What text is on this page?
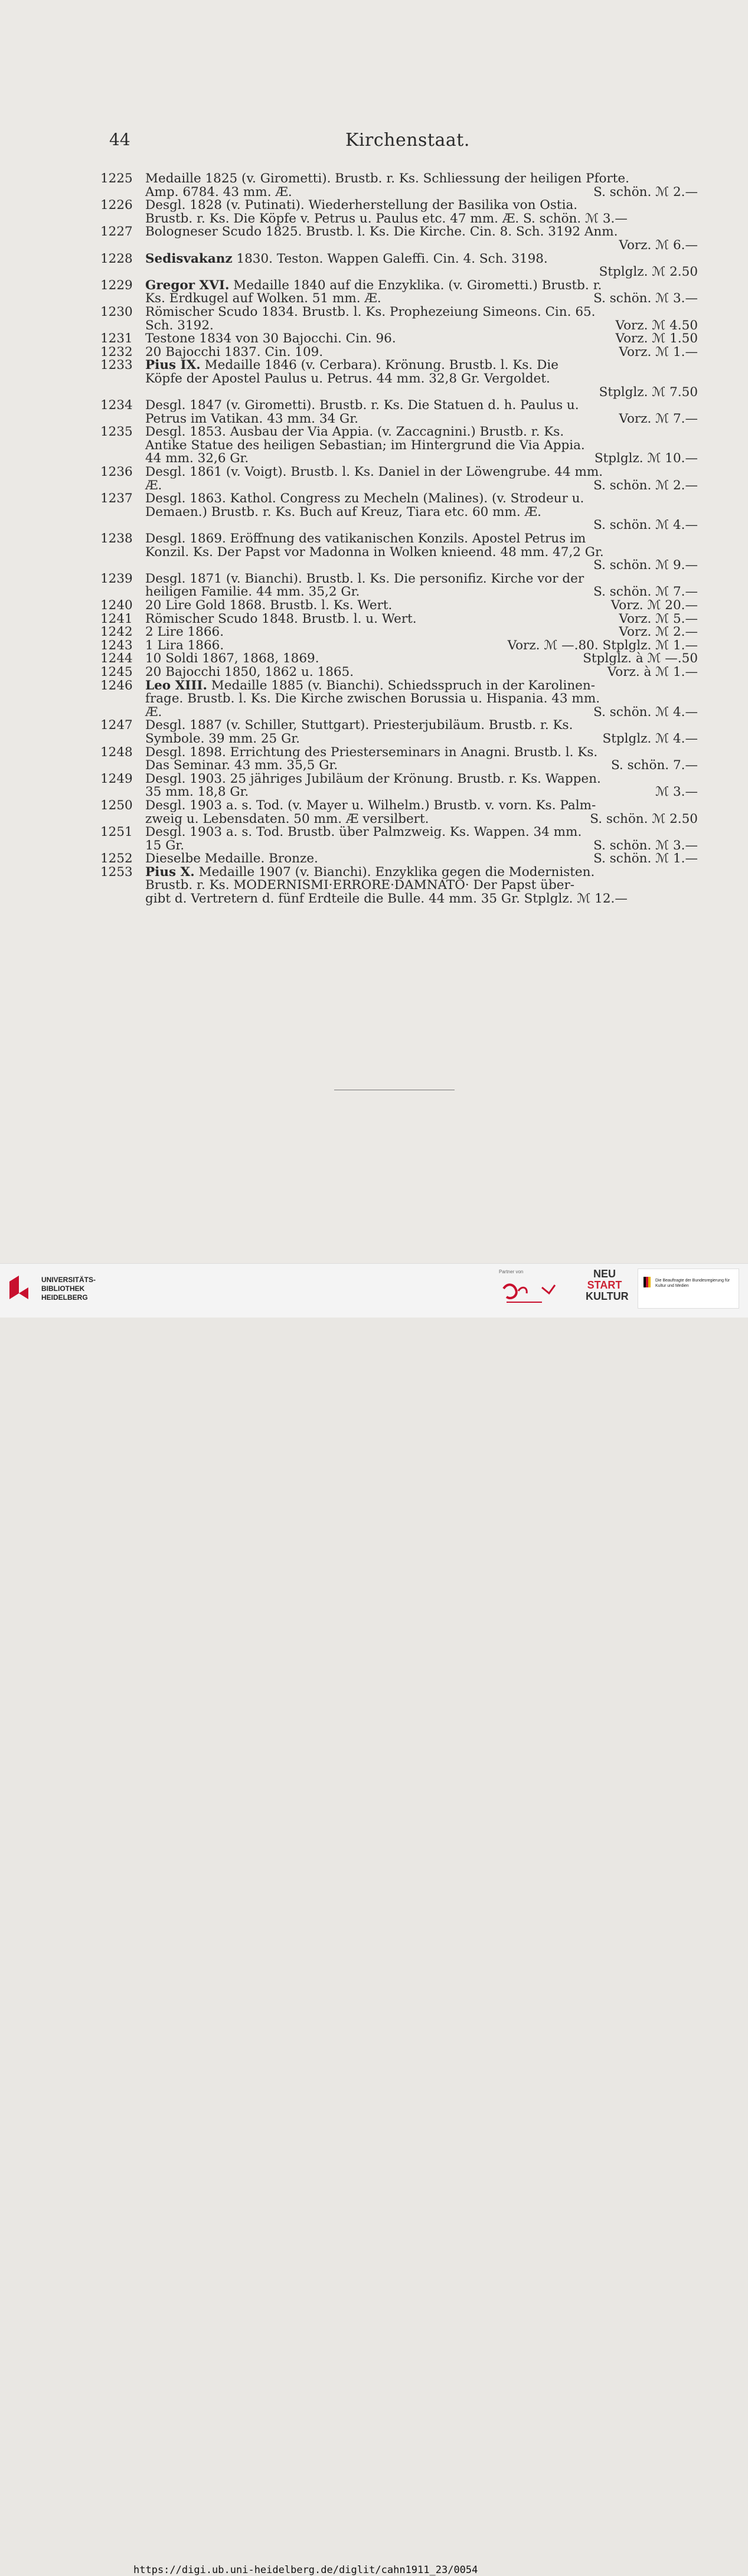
44	Kirchenstaat.
1225 Medaille 1825 (v. Girometti). Brustb. r. Ks. Schliessung der heiligen Pforte.
Amp. 6784. 43 mm. Æ.	S. schön. ℳ 2.—
1226 Desgl. 1828 (v. Putinati). Wiederherstellung der Basilika von Ostia.
Brustb. r. Ks. Die Köpfe v. Petrus u. Paulus etc. 47 mm. Æ. S. schön. ℳ 3.—
1227 Bologneser Scudo 1825. Brustb. l. Ks. Die Kirche. Cin. 8. Sch. 3192 Anm.
Vorz. ℳ 6.—
1228 Sedisvakanz 1830. Teston. Wappen Galeffi. Cin. 4. Sch. 3198.
Stplglz. ℳ 2.50
1229 Gregor XVI. Medaille 1840 auf die Enzyklika. (v. Girometti.) Brustb. r.
Ks. Erdkugel auf Wolken. 51 mm. Æ.	S. schön. ℳ 3.—
1230 Römischer Scudo 1834. Brustb. l. Ks. Prophezeiung Simeons. Cin. 65.
Sch. 3192.	Vorz. ℳ 4.50
1231 Testone 1834 von 30 Bajocchi. Cin. 96.	Vorz. ℳ 1.50
1232 20 Bajocchi 1837. Cin. 109.	Vorz. ℳ 1.—
1233 Pius IX. Medaille 1846 (v. Cerbara). Krönung. Brustb. l. Ks. Die
Köpfe der Apostel Paulus u. Petrus. 44 mm. 32,8 Gr. Vergoldet.
Stplglz. ℳ 7.50
1234 Desgl. 1847 (v. Girometti). Brustb. r. Ks. Die Statuen d. h. Paulus u.
Petrus im Vatikan. 43 mm. 34 Gr.	Vorz. ℳ 7.—
1235 Desgl. 1853. Ausbau der Via Appia. (v. Zaccagnini.) Brustb. r. Ks.
Antike Statue des heiligen Sebastian; im Hintergrund die Via Appia.
44 mm. 32,6 Gr.	Stplglz. ℳ 10.—
1236 Desgl. 1861 (v. Voigt). Brustb. l. Ks. Daniel in der Löwengrube. 44 mm.
Æ.	S. schön. ℳ 2.—
1237 Desgl. 1863. Kathol. Congress zu Mecheln (Malines). (v. Strodeur u.
Demaen.) Brustb. r. Ks. Buch auf Kreuz, Tiara etc. 60 mm. Æ.
S. schön. ℳ 4.—
1238 Desgl. 1869. Eröffnung des vatikanischen Konzils. Apostel Petrus im
Konzil. Ks. Der Papst vor Madonna in Wolken knieend. 48 mm. 47,2 Gr.
S. schön. ℳ 9.—
1239 Desgl. 1871 (v. Bianchi). Brustb. l. Ks. Die personifiz. Kirche vor der
heiligen Familie. 44 mm. 35,2 Gr.	S. schön. ℳ 7.—
1240 20 Lire Gold 1868. Brustb. l. Ks. Wert.	Vorz. ℳ 20.—
1241 Römischer Scudo 1848. Brustb. l. u. Wert.	Vorz. ℳ 5.—
1242 2 Lire 1866.	Vorz. ℳ 2.—
1243 1 Lira 1866.	Vorz. ℳ —.80. Stplglz. ℳ 1.—
1244 10 Soldi 1867, 1868, 1869.	Stplglz. à ℳ —.50
1245 20 Bajocchi 1850, 1862 u. 1865.	Vorz. à ℳ 1.—
1246 Leo XIII. Medaille 1885 (v. Bianchi). Schiedsspruch in der Karolinen-
frage. Brustb. l. Ks. Die Kirche zwischen Borussia u. Hispania. 43 mm.
Æ.	S. schön. ℳ 4.—
1247 Desgl. 1887 (v. Schiller, Stuttgart). Priesterjubiläum. Brustb. r. Ks.
Symbole. 39 mm. 25 Gr.	Stplglz. ℳ 4.—
1248 Desgl. 1898. Errichtung des Priesterseminars in Anagni. Brustb. l. Ks.
Das Seminar. 43 mm. 35,5 Gr.	S. schön. 7.—
1249 Desgl. 1903. 25 jähriges Jubiläum der Krönung. Brustb. r. Ks. Wappen.
35 mm. 18,8 Gr.	ℳ 3.—
1250 Desgl. 1903 a. s. Tod. (v. Mayer u. Wilhelm.) Brustb. v. vorn. Ks. Palm-
zweig u. Lebensdaten. 50 mm. Æ versilbert.	S. schön. ℳ 2.50
1251 Desgl. 1903 a. s. Tod. Brustb. über Palmzweig. Ks. Wappen. 34 mm.
15 Gr.	S. schön. ℳ 3.—
1252 Dieselbe Medaille. Bronze.	S. schön. ℳ 1.—
1253 Pius X. Medaille 1907 (v. Bianchi). Enzyklika gegen die Modernisten.
Brustb. r. Ks. MODERNISMI·ERRORE·DAMNATO· Der Papst über-
gibt d. Vertretern d. fünf Erdteile die Bulle. 44 mm. 35 Gr. Stplglz. ℳ 12.—
UNIVERSITÄTS-
BIBLIOTHEK
HEIDELBERG
Partner von	NEU
START
KULTUR
Die Beauftragte der Bundesregierung für Kultur und Medien
https://digi.ub.uni-heidelberg.de/diglit/cahn1911_23/0054
